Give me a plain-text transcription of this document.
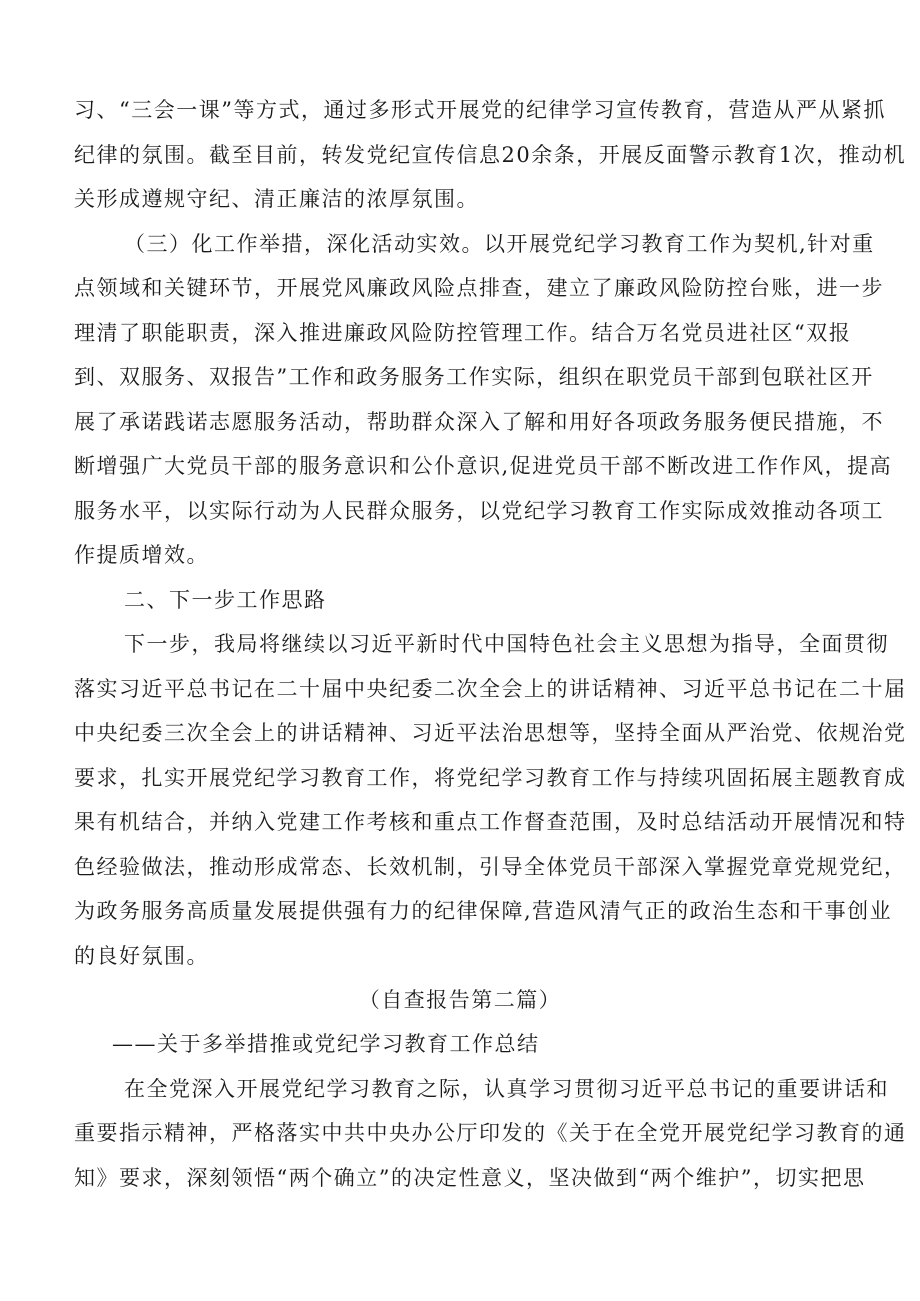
习、“三会一课”等方式，通过多形式开展党的纪律学习宣传教育，营造从严从紧抓
纪律的氛围。截至目前，转发党纪宣传信息20余条，开展反面警示教育1次，推动机
关形成遵规守纪、清正廉洁的浓厚氛围。
（三）化工作举措，深化活动实效。以开展党纪学习教育工作为契机,针对重
点领域和关键环节，开展党风廉政风险点排查，建立了廉政风险防控台账，进一步
理清了职能职责，深入推进廉政风险防控管理工作。结合万名党员进社区“双报
到、双服务、双报告”工作和政务服务工作实际，组织在职党员干部到包联社区开
展了承诺践诺志愿服务活动，帮助群众深入了解和用好各项政务服务便民措施，不
断增强广大党员干部的服务意识和公仆意识,促进党员干部不断改进工作作风，提高
服务水平，以实际行动为人民群众服务，以党纪学习教育工作实际成效推动各项工
作提质增效。
二、下一步工作思路
下一步，我局将继续以习近平新时代中国特色社会主义思想为指导，全面贯彻
落实习近平总书记在二十届中央纪委二次全会上的讲话精神、习近平总书记在二十届
中央纪委三次全会上的讲话精神、习近平法治思想等，坚持全面从严治党、依规治党
要求，扎实开展党纪学习教育工作，将党纪学习教育工作与持续巩固拓展主题教育成
果有机结合，并纳入党建工作考核和重点工作督查范围，及时总结活动开展情况和特
色经验做法，推动形成常态、长效机制，引导全体党员干部深入掌握党章党规党纪，
为政务服务高质量发展提供强有力的纪律保障,营造风清气正的政治生态和干事创业
的良好氛围。
（自查报告第二篇）
——关于多举措推或党纪学习教育工作总结
在全党深入开展党纪学习教育之际，认真学习贯彻习近平总书记的重要讲话和
重要指示精神，严格落实中共中央办公厅印发的《关于在全党开展党纪学习教育的通
知》要求，深刻领悟“两个确立”的决定性意义，坚决做到“两个维护”，切实把思
